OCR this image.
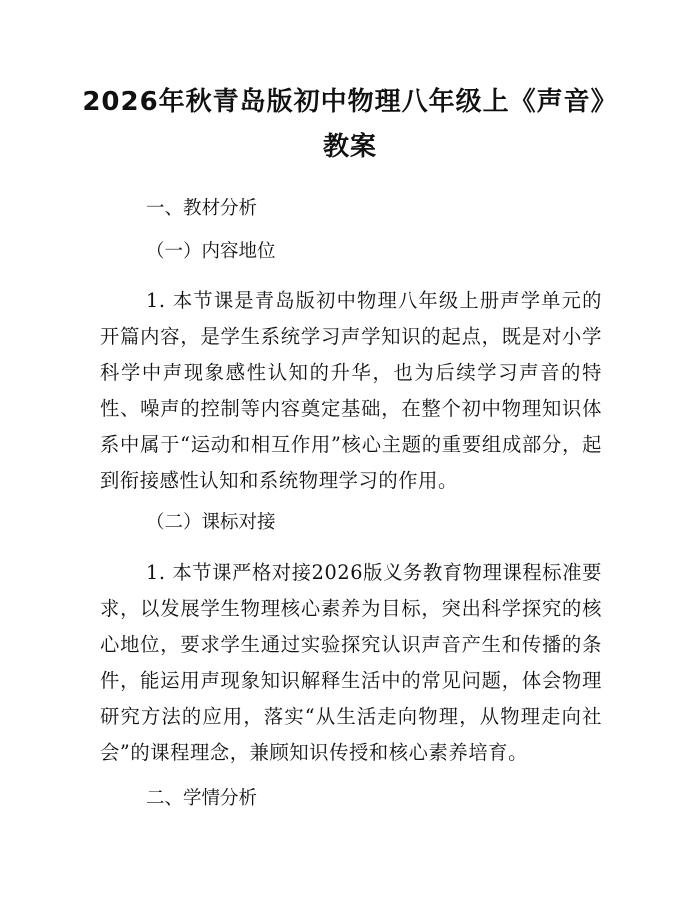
2026年秋青岛版初中物理八年级上《声音》
教案

一、教材分析

（一）内容地位

1. 本节课是青岛版初中物理八年级上册声学单元的开篇内容，是学生系统学习声学知识的起点，既是对小学科学中声现象感性认知的升华，也为后续学习声音的特性、噪声的控制等内容奠定基础，在整个初中物理知识体系中属于“运动和相互作用”核心主题的重要组成部分，起到衔接感性认知和系统物理学习的作用。

（二）课标对接

1. 本节课严格对接2026版义务教育物理课程标准要求，以发展学生物理核心素养为目标，突出科学探究的核心地位，要求学生通过实验探究认识声音产生和传播的条件，能运用声现象知识解释生活中的常见问题，体会物理研究方法的应用，落实“从生活走向物理，从物理走向社会”的课程理念，兼顾知识传授和核心素养培育。

二、学情分析
